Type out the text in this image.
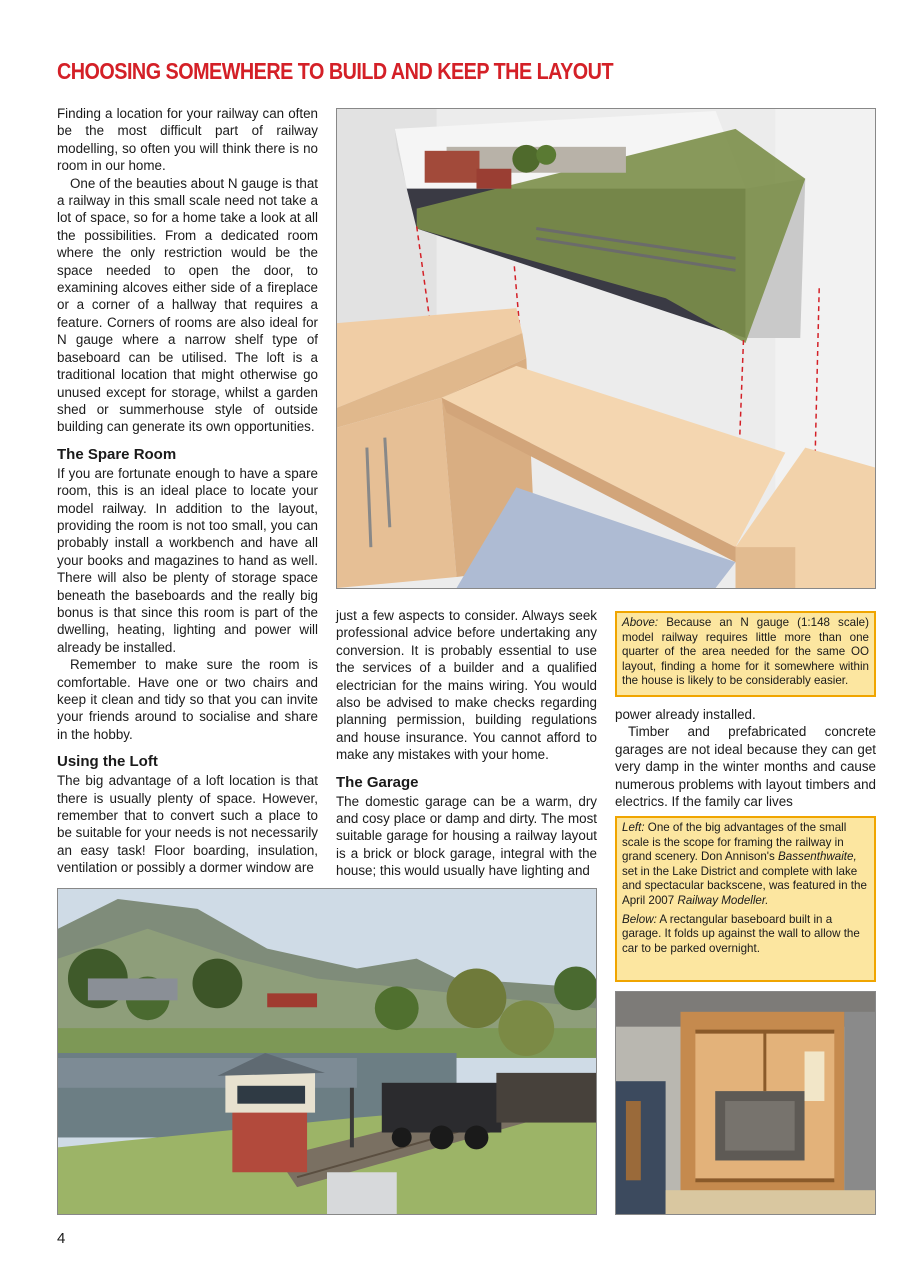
CHOOSING SOMEWHERE TO BUILD AND KEEP THE LAYOUT

Finding a location for your railway can often be the most difficult part of railway modelling, so often you will think there is no room in our home.

One of the beauties about N gauge is that a railway in this small scale need not take a lot of space, so for a home take a look at all the possibilities. From a dedicated room where the only restriction would be the space needed to open the door, to examining alcoves either side of a fireplace or a corner of a hallway that requires a feature. Corners of rooms are also ideal for N gauge where a narrow shelf type of baseboard can be utilised. The loft is a traditional location that might otherwise go unused except for storage, whilst a garden shed or summerhouse style of outside building can generate its own opportunities.

The Spare Room

If you are fortunate enough to have a spare room, this is an ideal place to locate your model railway. In addition to the layout, providing the room is not too small, you can probably install a workbench and have all your books and magazines to hand as well. There will also be plenty of storage space beneath the baseboards and the really big bonus is that since this room is part of the dwelling, heating, lighting and power will already be installed.

Remember to make sure the room is comfortable. Have one or two chairs and keep it clean and tidy so that you can invite your friends around to socialise and share in the hobby.

Using the Loft

The big advantage of a loft location is that there is usually plenty of space. However, remember that to convert such a place to be suitable for your needs is not necessarily an easy task! Floor boarding, insulation, ventilation or possibly a dormer window are

just a few aspects to consider. Always seek professional advice before undertaking any conversion. It is probably essential to use the services of a builder and a qualified electrician for the mains wiring. You would also be advised to make checks regarding planning permission, building regulations and house insurance. You cannot afford to make any mistakes with your home.

The Garage

The domestic garage can be a warm, dry and cosy place or damp and dirty. The most suitable garage for housing a railway layout is a brick or block garage, integral with the house; this would usually have lighting and

power already installed.

Timber and prefabricated concrete garages are not ideal because they can get very damp in the winter months and cause numerous problems with layout timbers and electrics. If the family car lives

Above: Because an N gauge (1:148 scale) model railway requires little more than one quarter of the area needed for the same OO layout, finding a home for it somewhere within the house is likely to be considerably easier.

Left: One of the big advantages of the small scale is the scope for framing the railway in grand scenery. Don Annison's Bassenthwaite, set in the Lake District and complete with lake and spectacular backscene, was featured in the April 2007 Railway Modeller.

Below: A rectangular baseboard built in a garage. It folds up against the wall to allow the car to be parked overnight.

4
